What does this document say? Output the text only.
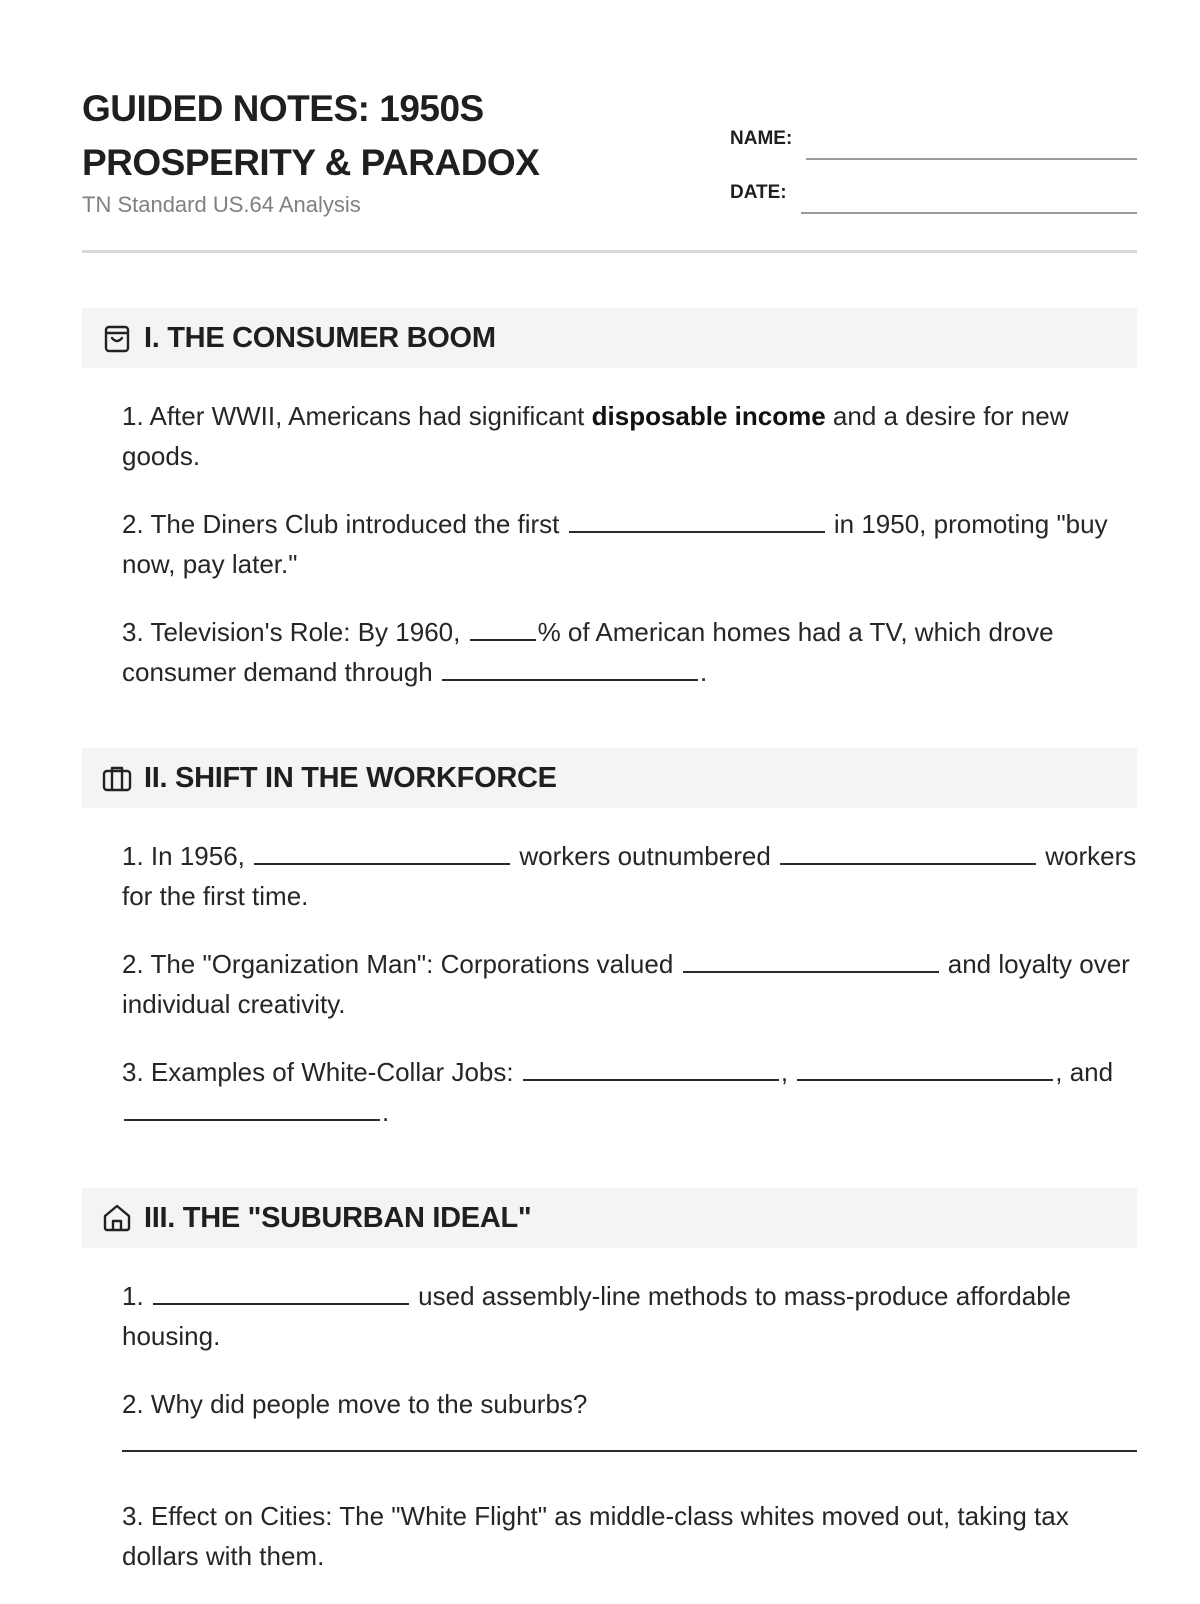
GUIDED NOTES: 1950S PROSPERITY & PARADOX
TN Standard US.64 Analysis
NAME:
DATE:
I. THE CONSUMER BOOM

1. After WWII, Americans had significant disposable income and a desire for new goods.

2. The Diners Club introduced the first	in 1950, promoting "buy now, pay later."

3. Television's Role: By 1960,	% of American homes had a TV, which drove consumer demand through	.

II. SHIFT IN THE WORKFORCE

1. In 1956,	workers outnumbered	workers for the first time.

2. The "Organization Man": Corporations valued	and loyalty over individual creativity.

3. Examples of White-Collar Jobs:	,	, and .

III. THE "SUBURBAN IDEAL"

1.	used assembly-line methods to mass-produce affordable housing.

2. Why did people move to the suburbs?

3. Effect on Cities: The "White Flight" as middle-class whites moved out, taking tax dollars with them.
